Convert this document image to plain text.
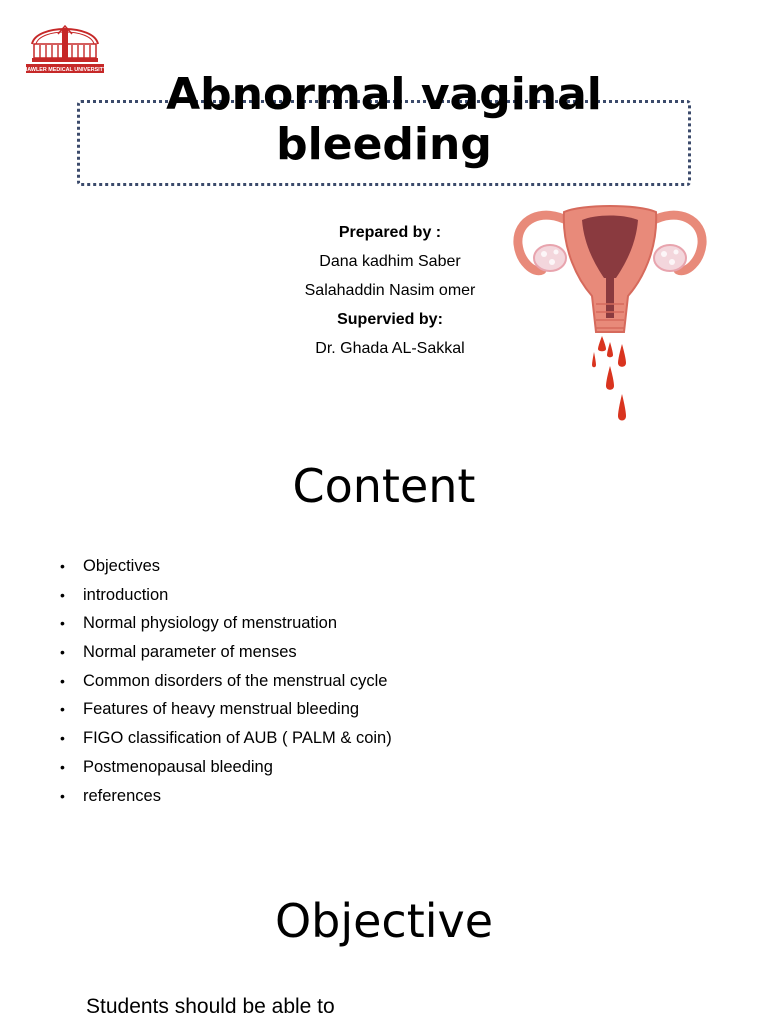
HAWLER MEDICAL UNIVERSITY	Abnormal vaginal
bleeding
Prepared by :
Dana kadhim Saber
Salahaddin Nasim omer
Supervied by:
Dr. Ghada AL-Sakkal
Content
•	Objectives
•	introduction
•	Normal physiology of menstruation
•	Normal parameter of menses
•	Common disorders of the menstrual cycle
•	Features of heavy menstrual bleeding
•	FIGO classification of AUB ( PALM & coin)
•	Postmenopausal bleeding
•	references
Objective
Students should be able to
